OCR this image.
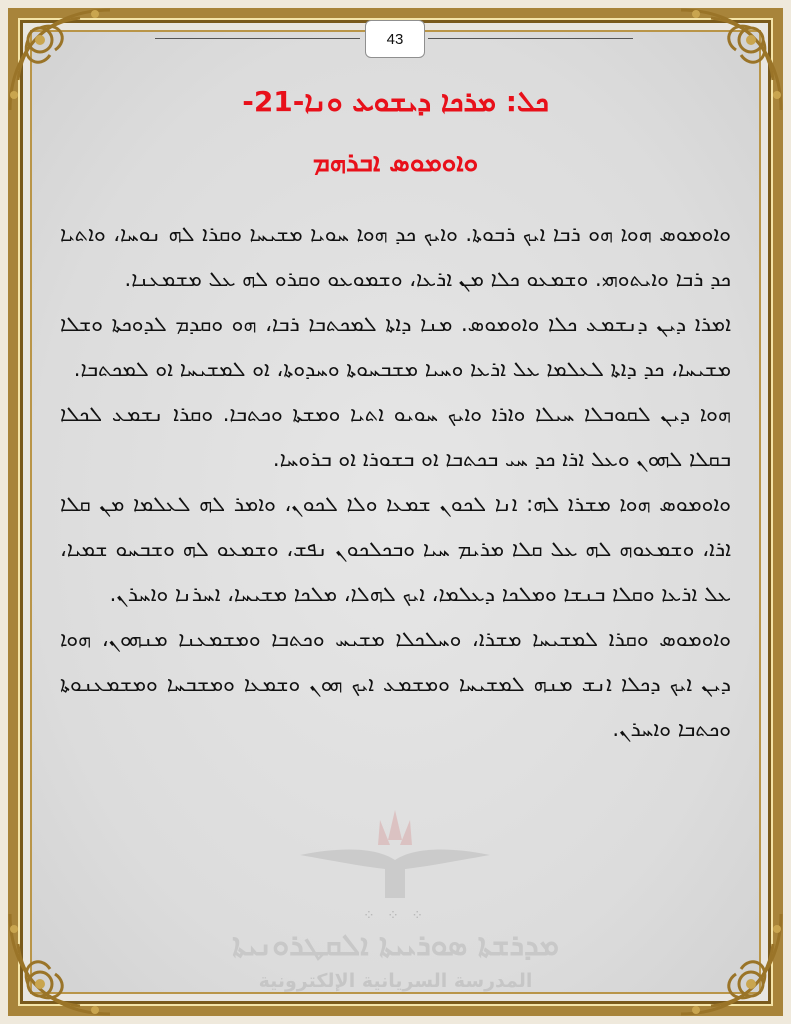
43
ܟܠ: ܡܪܟܐ ܕܝܫܘܥ ܘܢܐ-21-
ܘܐܘܡܘܣ ܐܒܪܗܡ

ܘܐܘܡܘܣ ܗܘܐ ܗܘ ܪܒܐ ܐܝܟ ܪܒܘܬܐ. ܘܐܝܟ ܟܕ ܗܘܐ ܚܘܝܐ ܡܫܝܚܐ ܘܩܪܐ ܠܗ ܢܘܚܐ، ܘܐܬܝܐ ܟܕ ܪܒܐ ܘܐܝܬܘܗܝ. ܘܫܡܥܘ ܟܠܐ ܡܢ ܐܪܥܐ، ܘܫܡܘܥܘ ܘܩܪܘ ܠܗ ܥܠ ܡܫܡܥܢܐ.

ܐܡܪܐ ܕܝܢ ܕܢܫܡܥ ܟܠܐ ܘܐܘܡܘܣ. ܡܢܐ ܕܐܬܐ ܠܡܟܬܒܐ ܪܒܐ، ܗܘ ܘܩܕܡ ܠܕܘܟܬܐ ܘܫܠܐ ܡܫܝܚܐ، ܟܕ ܕܐܬܐ ܠܥܠܡܐ ܥܠ ܐܪܥܐ ܘܚܝܐ ܡܫܒܚܘܬܐ ܘܚܕܘܬܐ، ܐܘ ܠܡܫܝܚܐ ܐܘ ܠܡܟܬܒܐ.

ܗܘܐ ܕܝܢ ܠܩܘܒܠܐ ܚܝܠܐ ܘܐܪܐ ܘܐܝܟ ܚܘܝܘ ܐܬܝܐ ܘܡܫܬܐ ܘܟܬܒܐ. ܘܩܪܐ ܢܫܡܥ ܠܟܠܐ ܒܩܠܐ ܠܗܘܢ ܘܥܠ ܐܪܐ ܟܕ ܚܝ ܒܟܬܒܐ ܐܘ ܒܫܘܪܐ ܐܘ ܒܪܘܚܐ.

ܘܐܘܡܘܣ ܗܘܐ ܡܫܪܐ ܠܗ: ܐܢܐ ܠܟܘܢ ܫܡܥܐ ܘܠܐ ܠܟܘܢ، ܘܐܡܪ ܠܗ ܠܥܠܡܐ ܡܢ ܩܠܐ ܐܪܐ، ܘܫܡܥܘܗ ܠܗ ܥܠ ܩܠܐ ܡܪܝܡ ܚܝܐ ܘܒܟܠܟܘܢ ܢܦܫ، ܘܫܡܥܘ ܠܗ ܘܫܒܚܘ ܫܡܝܐ، ܥܠ ܐܪܥܐ ܘܩܠܐ ܒܢܫܐ ܘܡܠܟܐ ܕܥܠܡܐ، ܐܝܟ ܠܗܠܐ، ܡܠܟܐ ܡܫܝܚܐ، ܐܚܪܢܐ ܘܐܚܪܢ.

ܘܐܘܡܘܣ ܘܩܪܐ ܠܡܫܝܚܐ ܡܫܪܐ، ܘܚܠܟܠܐ ܡܫܝܚ ܘܟܬܒܐ ܘܡܫܡܥܢܐ ܡܢܗܘܢ، ܗܘܐ ܕܝܢ ܐܝܟ ܕܟܠܐ ܐܢܫ ܡܢܗ ܠܡܫܝܚܐ ܘܡܫܡܥ ܐܝܟ ܗܘܢ ܘܫܡܥܐ ܘܡܫܒܚܐ ܘܡܫܡܥܢܘܬܐ ܘܟܬܒܐ ܘܐܚܪܢ.

⁘ ⁘ ⁘
ܡܕܪܫܬܐ ܣܘܪܝܝܬܐ ܐܠܩܛܪܘܢܝܬܐ
المدرسة السريانية الإلكترونية
